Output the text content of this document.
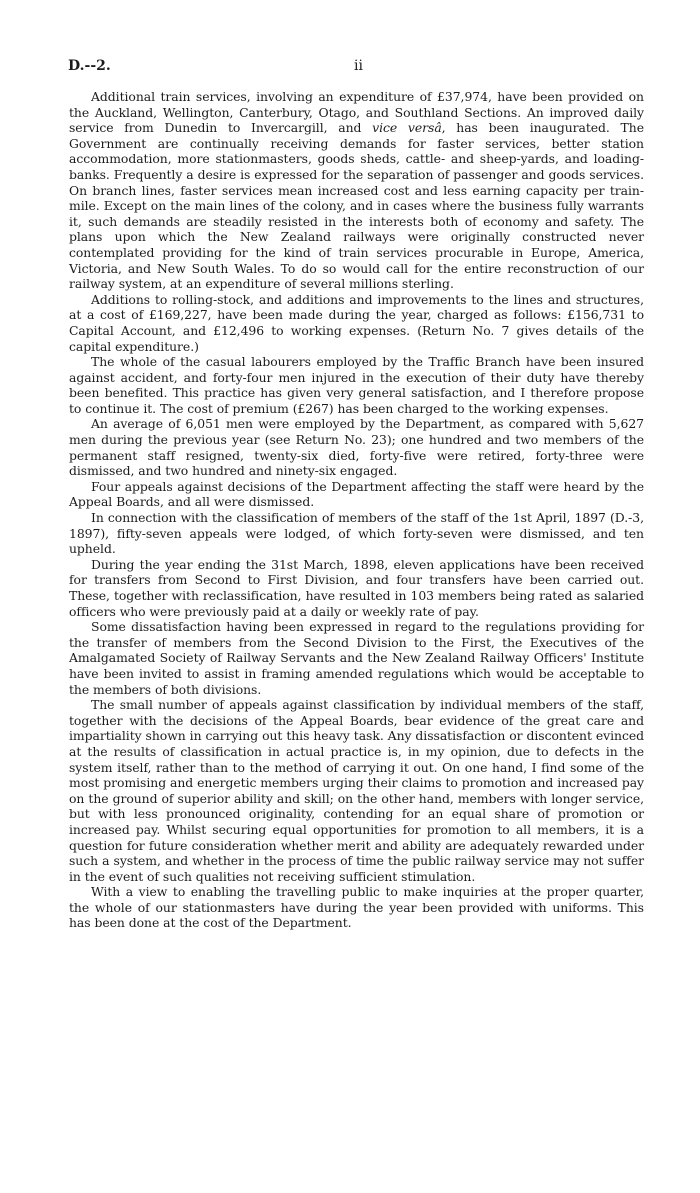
D.--2.	ii

Additional train services, involving an expenditure of £37,974, have been provided on the Auckland, Wellington, Canterbury, Otago, and Southland Sections. An improved daily service from Dunedin to Invercargill, and vice versâ, has been inaugurated. The Government are continually receiving demands for faster services, better station accommodation, more stationmasters, goods sheds, cattle- and sheep-yards, and loading-banks. Frequently a desire is expressed for the separation of passenger and goods services. On branch lines, faster services mean increased cost and less earning capacity per train-mile. Except on the main lines of the colony, and in cases where the business fully warrants it, such demands are steadily resisted in the interests both of economy and safety. The plans upon which the New Zealand railways were originally constructed never contemplated providing for the kind of train services procurable in Europe, America, Victoria, and New South Wales. To do so would call for the entire reconstruction of our railway system, at an expenditure of several millions sterling.

Additions to rolling-stock, and additions and improvements to the lines and structures, at a cost of £169,227, have been made during the year, charged as follows: £156,731 to Capital Account, and £12,496 to working expenses. (Return No. 7 gives details of the capital expenditure.)

The whole of the casual labourers employed by the Traffic Branch have been insured against accident, and forty-four men injured in the execution of their duty have thereby been benefited. This practice has given very general satisfaction, and I therefore propose to continue it. The cost of premium (£267) has been charged to the working expenses.

An average of 6,051 men were employed by the Department, as compared with 5,627 men during the previous year (see Return No. 23); one hundred and two members of the permanent staff resigned, twenty-six died, forty-five were retired, forty-three were dismissed, and two hundred and ninety-six engaged.

Four appeals against decisions of the Department affecting the staff were heard by the Appeal Boards, and all were dismissed.

In connection with the classification of members of the staff of the 1st April, 1897 (D.-3, 1897), fifty-seven appeals were lodged, of which forty-seven were dismissed, and ten upheld.

During the year ending the 31st March, 1898, eleven applications have been received for transfers from Second to First Division, and four transfers have been carried out. These, together with reclassification, have resulted in 103 members being rated as salaried officers who were previously paid at a daily or weekly rate of pay.

Some dissatisfaction having been expressed in regard to the regulations providing for the transfer of members from the Second Division to the First, the Executives of the Amalgamated Society of Railway Servants and the New Zealand Railway Officers' Institute have been invited to assist in framing amended regulations which would be acceptable to the members of both divisions.

The small number of appeals against classification by individual members of the staff, together with the decisions of the Appeal Boards, bear evidence of the great care and impartiality shown in carrying out this heavy task. Any dissatisfaction or discontent evinced at the results of classification in actual practice is, in my opinion, due to defects in the system itself, rather than to the method of carrying it out. On one hand, I find some of the most promising and energetic members urging their claims to promotion and increased pay on the ground of superior ability and skill; on the other hand, members with longer service, but with less pronounced originality, contending for an equal share of promotion or increased pay. Whilst securing equal opportunities for promotion to all members, it is a question for future consideration whether merit and ability are adequately rewarded under such a system, and whether in the process of time the public railway service may not suffer in the event of such qualities not receiving sufficient stimulation.

With a view to enabling the travelling public to make inquiries at the proper quarter, the whole of our stationmasters have during the year been provided with uniforms. This has been done at the cost of the Department.
